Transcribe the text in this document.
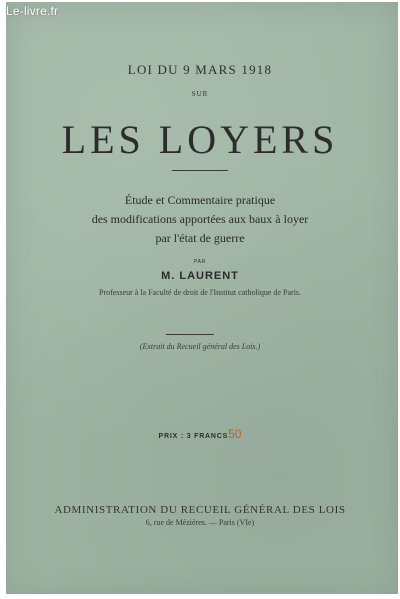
Le-livre.fr
LOI DU 9 MARS 1918
SUR
LES LOYERS
Étude et Commentaire pratique
des modifications apportées aux baux à loyer
par l'état de guerre
PAR
M. LAURENT
Professeur à la Faculté de droit de l'Institut catholique de Paris.
(Extrait du Recueil général des Lois.)
PRIX : 3 FRANCS50
ADMINISTRATION DU RECUEIL GÉNÉRAL DES LOIS
6, rue de Mézières. — Paris (VIe)
